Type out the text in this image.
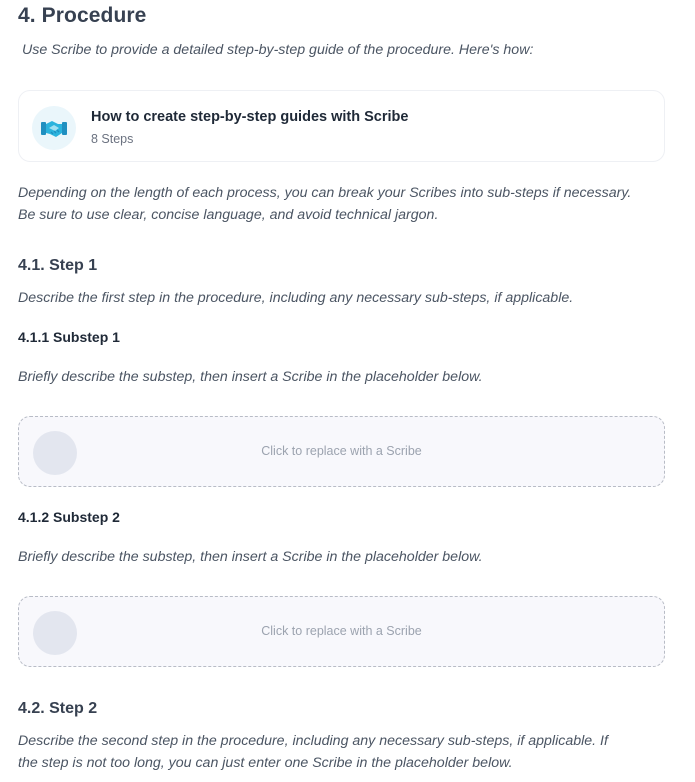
4. Procedure
Use Scribe to provide a detailed step-by-step guide of the procedure. Here's how:
How to create step-by-step guides with Scribe
8 Steps
Depending on the length of each process, you can break your Scribes into sub-steps if necessary.
Be sure to use clear, concise language, and avoid technical jargon.
4.1. Step 1
Describe the first step in the procedure, including any necessary sub-steps, if applicable.
4.1.1 Substep 1
Briefly describe the substep, then insert a Scribe in the placeholder below.
Click to replace with a Scribe
4.1.2 Substep 2
Briefly describe the substep, then insert a Scribe in the placeholder below.
Click to replace with a Scribe
4.2. Step 2
Describe the second step in the procedure, including any necessary sub-steps, if applicable. If
the step is not too long, you can just enter one Scribe in the placeholder below.
